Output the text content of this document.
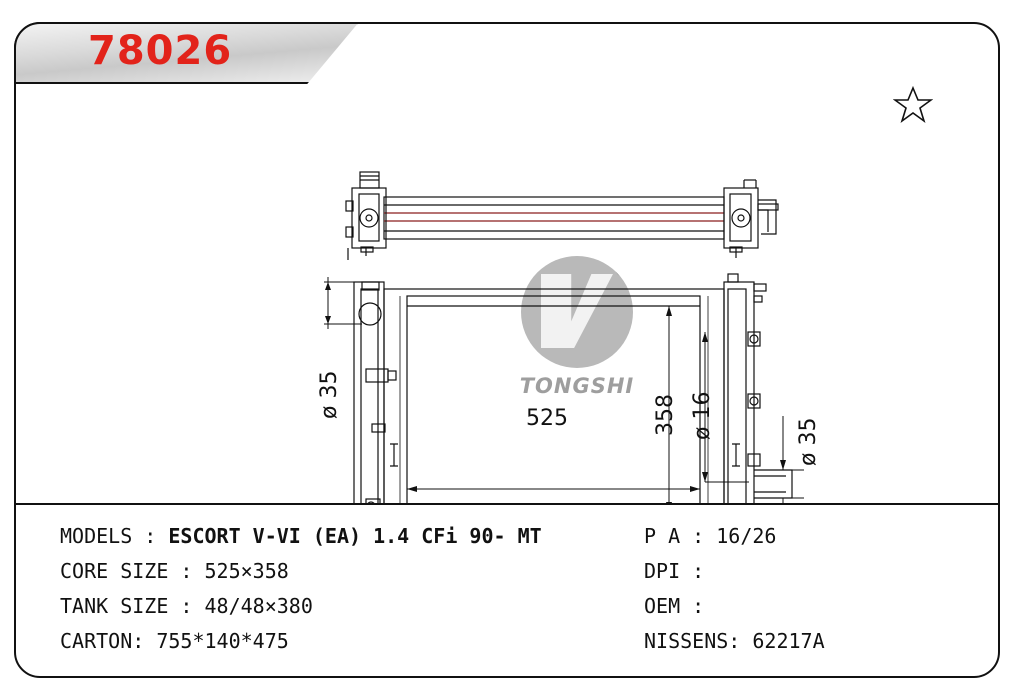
78026
®
TONGSHI
ø 35	358 ø 16
ø 35
525
MODELS : ESCORT V-VI (EA) 1.4 CFi 90- MT
CORE SIZE : 525×358
TANK SIZE : 48/48×380
CARTON: 755*140*475
P A : 16/26
DPI :
OEM :
NISSENS: 62217A
